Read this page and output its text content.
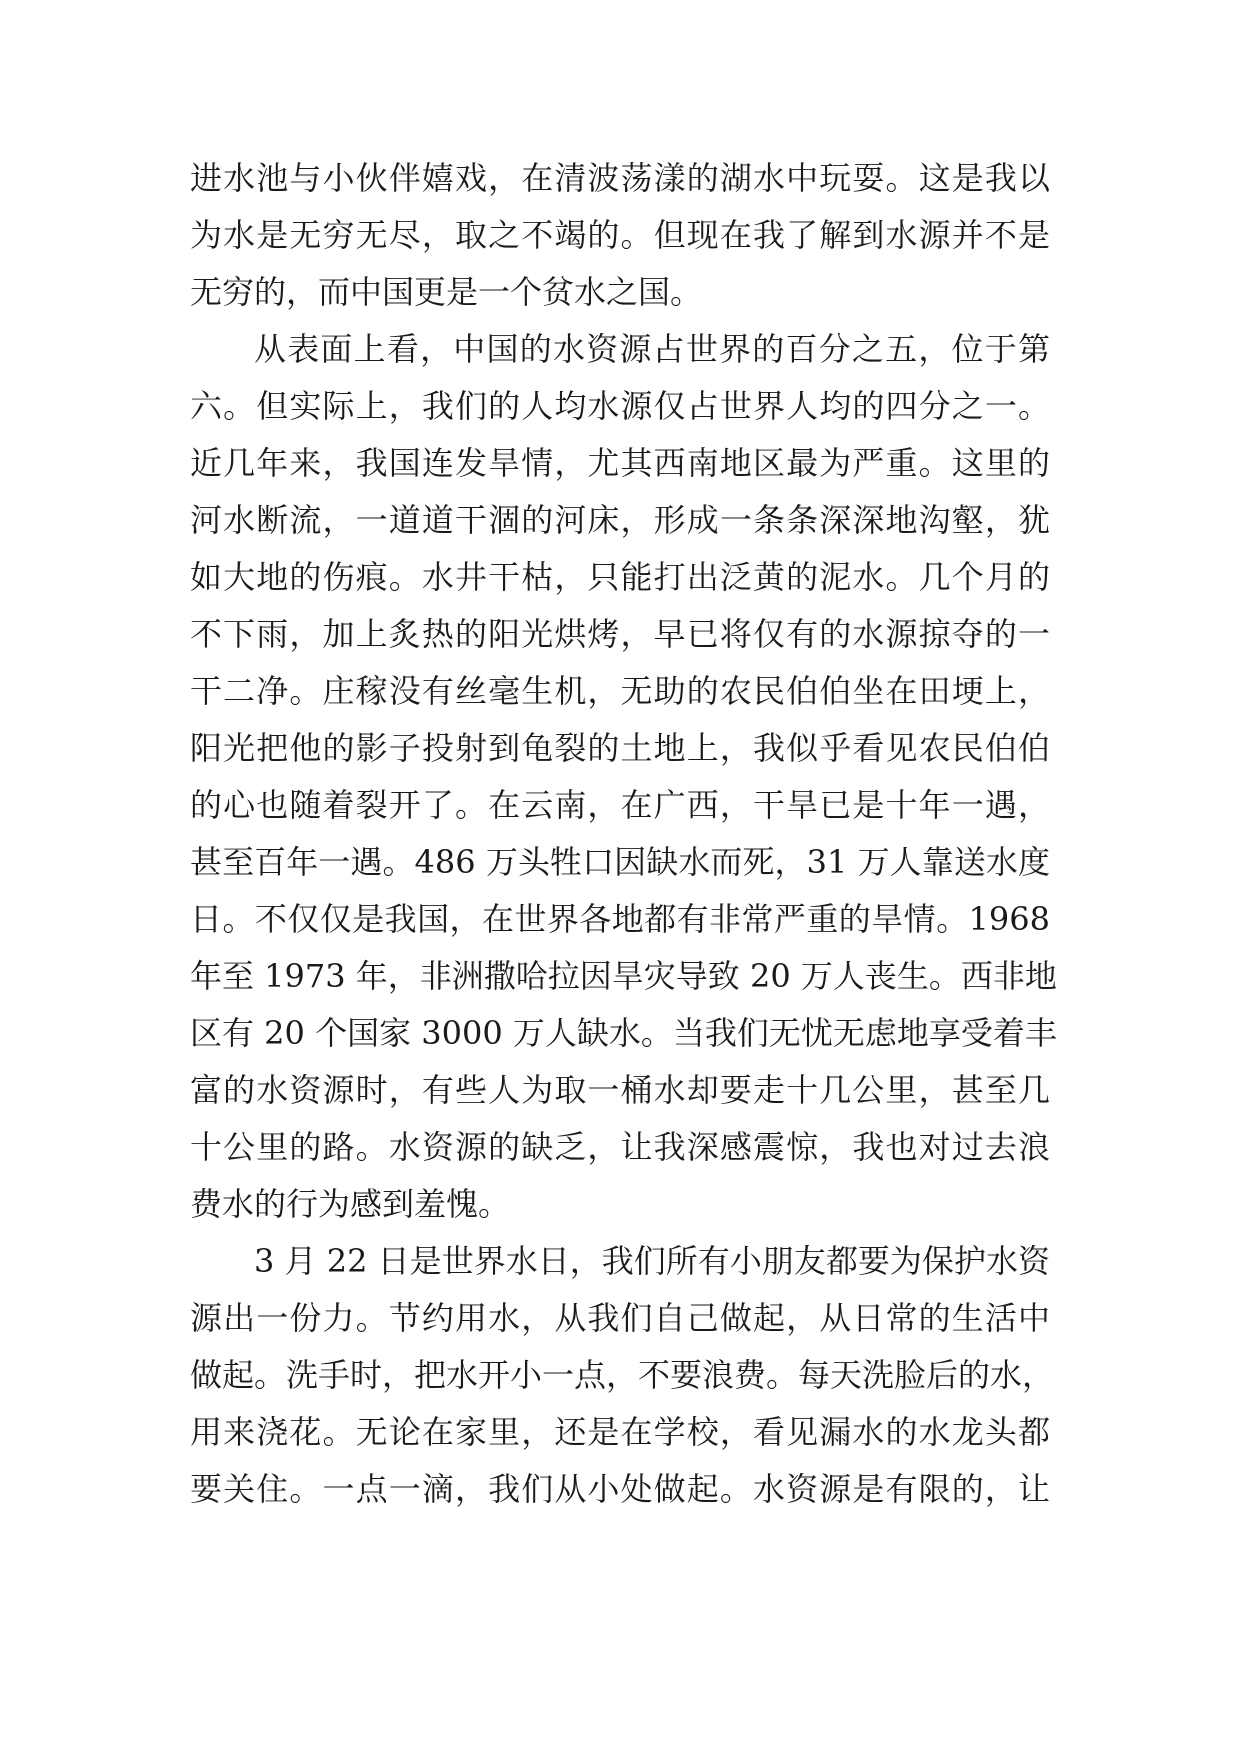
进水池与小伙伴嬉戏，在清波荡漾的湖水中玩耍。这是我以
为水是无穷无尽，取之不竭的。但现在我了解到水源并不是
无穷的，而中国更是一个贫水之国。
从表面上看，中国的水资源占世界的百分之五，位于第
六。但实际上，我们的人均水源仅占世界人均的四分之一。
近几年来，我国连发旱情，尤其西南地区最为严重。这里的
河水断流，一道道干涸的河床，形成一条条深深地沟壑，犹
如大地的伤痕。水井干枯，只能打出泛黄的泥水。几个月的
不下雨，加上炙热的阳光烘烤，早已将仅有的水源掠夺的一
干二净。庄稼没有丝毫生机，无助的农民伯伯坐在田埂上，
阳光把他的影子投射到龟裂的土地上，我似乎看见农民伯伯
的心也随着裂开了。在云南，在广西，干旱已是十年一遇，
甚至百年一遇。486 万头牲口因缺水而死，31 万人靠送水度
日。不仅仅是我国，在世界各地都有非常严重的旱情。1968
年至 1973 年，非洲撒哈拉因旱灾导致 20 万人丧生。西非地
区有 20 个国家 3000 万人缺水。当我们无忧无虑地享受着丰
富的水资源时，有些人为取一桶水却要走十几公里，甚至几
十公里的路。水资源的缺乏，让我深感震惊，我也对过去浪
费水的行为感到羞愧。
3 月 22 日是世界水日，我们所有小朋友都要为保护水资
源出一份力。节约用水，从我们自己做起，从日常的生活中
做起。洗手时，把水开小一点，不要浪费。每天洗脸后的水，
用来浇花。无论在家里，还是在学校，看见漏水的水龙头都
要关住。一点一滴，我们从小处做起。水资源是有限的，让
